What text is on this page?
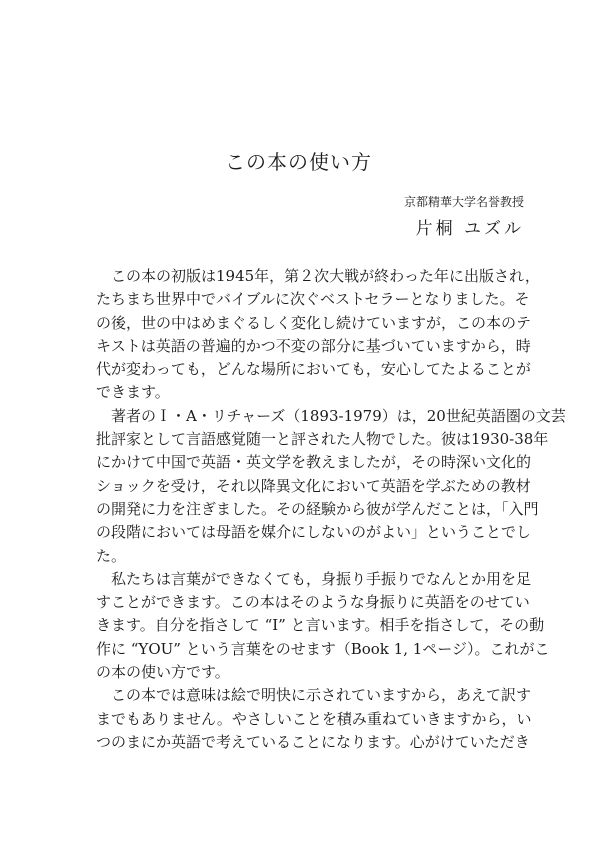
この本の使い方
京都精華大学名誉教授
片桐 ユズル
この本の初版は1945年，第２次大戦が終わった年に出版され，
たちまち世界中でバイブルに次ぐベストセラーとなりました。そ
の後，世の中はめまぐるしく変化し続けていますが，この本のテ
キストは英語の普遍的かつ不変の部分に基づいていますから，時
代が変わっても，どんな場所においても，安心してたよることが
できます。
著者のＩ・A・リチャーズ（1893-1979）は，20世紀英語圏の文芸
批評家として言語感覚随一と評された人物でした。彼は1930-38年
にかけて中国で英語・英文学を教えましたが，その時深い文化的
ショックを受け，それ以降異文化において英語を学ぶための教材
の開発に力を注ぎました。その経験から彼が学んだことは，「入門
の段階においては母語を媒介にしないのがよい」ということでし
た。
私たちは言葉ができなくても，身振り手振りでなんとか用を足
すことができます。この本はそのような身振りに英語をのせてい
きます。自分を指さして “I” と言います。相手を指さして，その動
作に “YOU” という言葉をのせます（Book 1, 1ページ）。これがこ
の本の使い方です。
この本では意味は絵で明快に示されていますから，あえて訳す
までもありません。やさしいことを積み重ねていきますから，い
つのまにか英語で考えていることになります。心がけていただき
